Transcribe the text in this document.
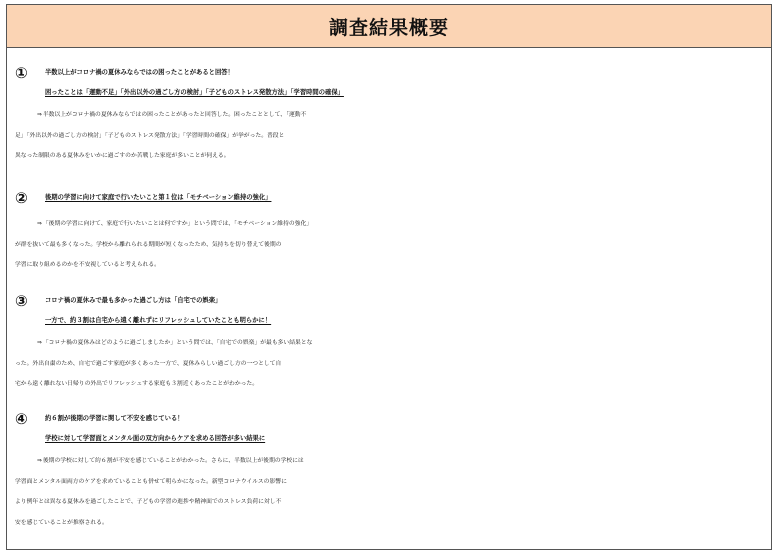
調査結果概要
①	半数以上がコロナ禍の夏休みならではの困ったことがあると回答！
困ったことは「運動不足」「外出以外の過ごし方の検討」「子どものストレス発散方法」「学習時間の確保」
⇒半数以上がコロナ禍の夏休みならではの困ったことがあったと回答した。困ったこととして、「運動不
足」「外出以外の過ごし方の検討」「子どものストレス発散方法」「学習時間の確保」が挙がった。普段と
異なった制限のある夏休みをいかに過ごすのか苦戦した家庭が多いことが伺える。
②	後期の学習に向けて家庭で行いたいこと第１位は「モチベーション維持の強化」
⇒「後期の学習に向けて、家庭で行いたいことは何ですか」という問では、「モチベーション維持の強化」
が群を抜いて最も多くなった。学校から離れられる期間が短くなったため、気持ちを切り替えて後期の
学習に取り組めるのかを不安視していると考えられる。
③	コロナ禍の夏休みで最も多かった過ごし方は「自宅での娯楽」
一方で、約３割は自宅から遠く離れずにリフレッシュしていたことも明らかに！
⇒「コロナ禍の夏休みはどのように過ごしましたか」という問では、「自宅での娯楽」が最も多い結果とな
った。外出自粛のため、自宅で過ごす家庭が多くあった一方で、夏休みらしい過ごし方の一つとして自
宅から遠く離れない日帰りの外出でリフレッシュする家庭も３割近くあったことがわかった。
④	約６割が後期の学習に関して不安を感じている！
学校に対して学習面とメンタル面の双方向からケアを求める回答が多い結果に
⇒後期の学校に対して約６割が不安を感じていることがわかった。さらに、半数以上が後期の学校には
学習面とメンタル面両方のケアを求めていることも併せて明らかになった。新型コロナウイルスの影響に
より例年とは異なる夏休みを過ごしたことで、子どもの学習の進捗や精神面でのストレス負荷に対し不
安を感じていることが推察される。
